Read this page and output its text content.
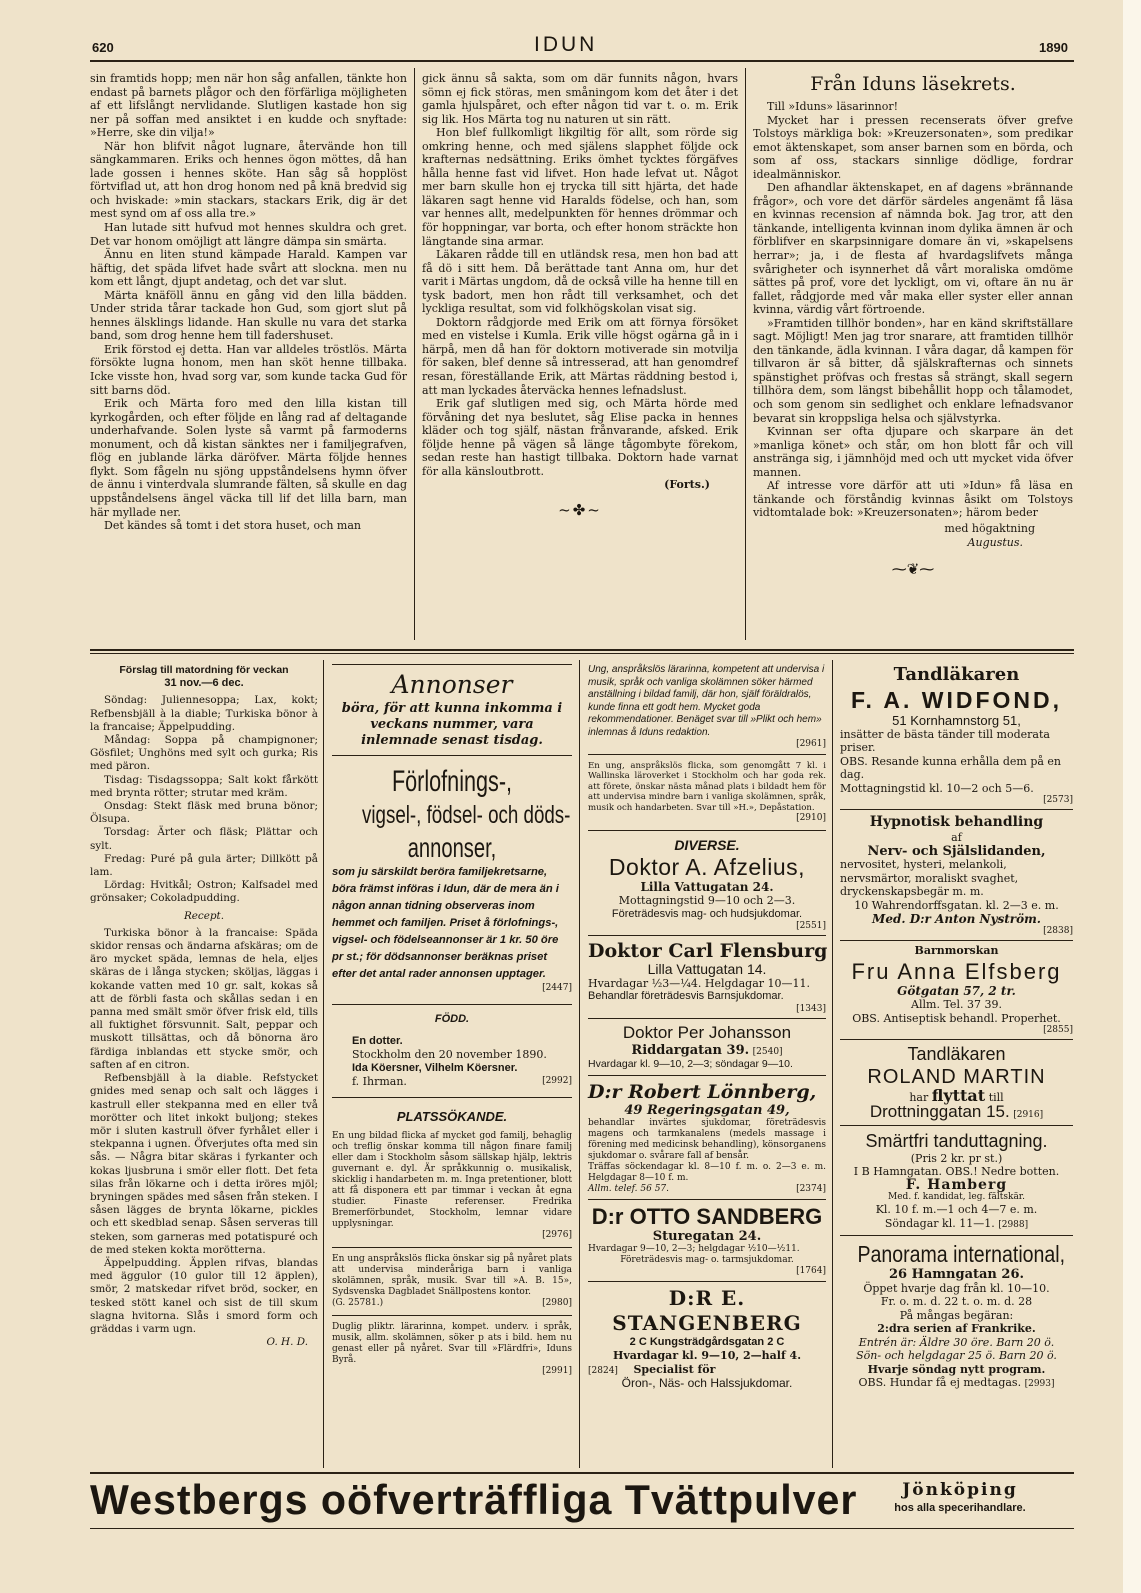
620	IDUN	1890

sin framtids hopp; men när hon såg anfallen, tänkte hon endast på barnets plågor och den förfärliga möjligheten af ett lifslångt nervlidande. Slutligen kastade hon sig ner på soffan med ansiktet i en kudde och snyftade: »Herre, ske din vilja!»

När hon blifvit något lugnare, återvände hon till sängkammaren. Eriks och hennes ögon möttes, då han lade gossen i hennes sköte. Han såg så hopplöst förtviflad ut, att hon drog honom ned på knä bredvid sig och hviskade: »min stackars, stackars Erik, dig är det mest synd om af oss alla tre.»

Han lutade sitt hufvud mot hennes skuldra och gret. Det var honom omöjligt att längre dämpa sin smärta.

Ännu en liten stund kämpade Harald. Kampen var häftig, det späda lifvet hade svårt att slockna. men nu kom ett långt, djupt andetag, och det var slut.

Märta knäföll ännu en gång vid den lilla bädden. Under strida tårar tackade hon Gud, som gjort slut på hennes älsklings lidande. Han skulle nu vara det starka band, som drog henne hem till fadershuset.

Erik förstod ej detta. Han var alldeles tröstlös. Märta försökte lugna honom, men han sköt henne tillbaka. Icke visste hon, hvad sorg var, som kunde tacka Gud för sitt barns död.

Erik och Märta foro med den lilla kistan till kyrkogården, och efter följde en lång rad af deltagande underhafvande. Solen lyste så varmt på farmoderns monument, och då kistan sänktes ner i familjegrafven, flög en jublande lärka däröfver. Märta följde hennes flykt. Som fågeln nu sjöng uppståndelsens hymn öfver de ännu i vinterdvala slumrande fälten, så skulle en dag uppståndelsens ängel väcka till lif det lilla barn, man här myllade ner.

Det kändes så tomt i det stora huset, och man

gick ännu så sakta, som om där funnits någon, hvars sömn ej fick störas, men småningom kom det åter i det gamla hjulspåret, och efter någon tid var t. o. m. Erik sig lik. Hos Märta tog nu naturen ut sin rätt.

Hon blef fullkomligt likgiltig för allt, som rörde sig omkring henne, och med själens slapphet följde ock krafternas nedsättning. Eriks ömhet tycktes förgäfves hålla henne fast vid lifvet. Hon hade lefvat ut. Något mer barn skulle hon ej trycka till sitt hjärta, det hade läkaren sagt henne vid Haralds födelse, och han, som var hennes allt, medelpunkten för hennes drömmar och för hoppningar, var borta, och efter honom sträckte hon längtande sina armar.

Läkaren rådde till en utländsk resa, men hon bad att få dö i sitt hem. Då berättade tant Anna om, hur det varit i Märtas ungdom, då de också ville ha henne till en tysk badort, men hon rådt till verksamhet, och det lyckliga resultat, som vid folkhögskolan visat sig.

Doktorn rådgjorde med Erik om att förnya försöket med en vistelse i Kumla. Erik ville högst ogärna gå in i härpå, men då han för doktorn motiverade sin motvilja för saken, blef denne så intresserad, att han genomdref resan, föreställande Erik, att Märtas räddning bestod i, att man lyckades återväcka hennes lefnadslust.

Erik gaf slutligen med sig, och Märta hörde med förvåning det nya beslutet, såg Elise packa in hennes kläder och tog själf, nästan frånvarande, afsked. Erik följde henne på vägen så länge tågombyte förekom, sedan reste han hastigt tillbaka. Doktorn hade varnat för alla känsloutbrott.

(Forts.)
~✤~
Från Iduns läsekrets.

Till »Iduns» läsarinnor!

Mycket har i pressen recenserats öfver grefve Tolstoys märkliga bok: »Kreuzersonaten», som predikar emot äktenskapet, som anser barnen som en börda, och som af oss, stackars sinnlige dödlige, fordrar idealmänniskor.

Den afhandlar äktenskapet, en af dagens »brännande frågor», och vore det därför särdeles angenämt få läsa en kvinnas recension af nämnda bok. Jag tror, att den tänkande, intelligenta kvinnan inom dylika ämnen är och förblifver en skarpsinnigare domare än vi, »skapelsens herrar»; ja, i de flesta af hvardagslifvets många svårigheter och isynnerhet då vårt moraliska omdöme sättes på prof, vore det lyckligt, om vi, oftare än nu är fallet, rådgjorde med vår maka eller syster eller annan kvinna, värdig vårt förtroende.

»Framtiden tillhör bonden», har en känd skriftställare sagt. Möjligt! Men jag tror snarare, att framtiden tillhör den tänkande, ädla kvinnan. I våra dagar, då kampen för tillvaron är så bitter, då själskrafternas och sinnets spänstighet pröfvas och frestas så strängt, skall segern tillhöra dem, som längst bibehållit hopp och tålamodet, och som genom sin sedlighet och enklare lefnadsvanor bevarat sin kroppsliga helsa och självstyrka.

Kvinnan ser ofta djupare och skarpare än det »manliga könet» och står, om hon blott får och vill anstränga sig, i jämnhöjd med och utt mycket vida öfver mannen.

Af intresse vore därför att uti »Idun» få läsa en tänkande och förståndig kvinnas åsikt om Tolstoys vidtomtalade bok: »Kreuzersonaten»; härom beder

med högaktning
Augustus.
⁓❦⁓
Förslag till matordning för veckan
31 nov.—6 dec.

Söndag: Juliennesoppa; Lax, kokt; Refbensbjäll à la diable; Turkiska bönor à la francaise; Äppelpudding.

Måndag: Soppa på champignoner; Gösfilet; Unghöns med sylt och gurka; Ris med päron.

Tisdag: Tisdagssoppa; Salt kokt fårkött med brynta rötter; strutar med kräm.

Onsdag: Stekt fläsk med bruna bönor; Ölsupa.

Torsdag: Ärter och fläsk; Plättar och sylt.

Fredag: Puré på gula ärter; Dillkött på lam.

Lördag: Hvitkål; Ostron; Kalfsadel med grönsaker; Cokoladpudding.

Recept.

Turkiska bönor à la francaise: Späda skidor rensas och ändarna afskäras; om de äro mycket späda, lemnas de hela, eljes skäras de i långa stycken; sköljas, läggas i kokande vatten med 10 gr. salt, kokas så att de förbli fasta och skållas sedan i en panna med smält smör öfver frisk eld, tills all fuktighet försvunnit. Salt, peppar och muskott tillsättas, och då bönorna äro färdiga inblandas ett stycke smör, och saften af en citron.

Refbensbjäll à la diable. Refstycket gnides med senap och salt och lägges i kastrull eller stekpanna med en eller två morötter och litet inkokt buljong; stekes mör i sluten kastrull öfver fyrhålet eller i stekpanna i ugnen. Öfverjutes ofta med sin sås. — Några bitar skäras i fyrkanter och kokas ljusbruna i smör eller flott. Det feta silas från lökarne och i detta iröres mjöl; bryningen spädes med såsen från steken. I såsen lägges de brynta lökarne, pickles och ett skedblad senap. Såsen serveras till steken, som garneras med potatispuré och de med steken kokta morötterna.

Äppelpudding. Äpplen rifvas, blandas med äggulor (10 gulor till 12 äpplen), smör, 2 matskedar rifvet bröd, socker, en tesked stött kanel och sist de till skum slagna hvitorna. Slås i smord form och gräddas i varm ugn.

O. H. D.
Annonser
böra, för att kunna inkomma i veckans nummer, vara inlemnade senast tisdag.
Förlofnings-,
vigsel-, födsel- och döds-
annonser,

som ju särskildt beröra familjekretsarne, böra främst införas i Idun, där de mera än i någon annan tidning observeras inom hemmet och familjen. Priset å förlofnings-, vigsel- och födelseannonser är 1 kr. 50 öre pr st.; för dödsannonser beräknas priset efter det antal rader annonsen upptager.

[2447]
FÖDD.
En dotter.
Stockholm den 20 november 1890.
Ida Köersner, Vilhelm Köersner.
f. Ihrman.	[2992]
PLATSSÖKANDE.

En ung bildad flicka af mycket god familj, behaglig och treflig önskar komma till någon finare familj eller dam i Stockholm såsom sällskap hjälp, lektris guvernant e. dyl. Är språkkunnig o. musikalisk, skicklig i handarbeten m. m. Inga pretentioner, blott att få disponera ett par timmar i veckan åt egna studier. Finaste referenser. Fredrika Bremerförbundet, Stockholm, lemnar vidare upplysningar.

[2976]

En ung anspråkslös flicka önskar sig på nyåret plats att undervisa minderåriga barn i vanliga skolämnen, språk, musik. Svar till »A. B. 15», Sydsvenska Dagbladet Snällpostens kontor.

(G. 25781.)	[2980]

Duglig pliktr. lärarinna, kompet. underv. i språk, musik, allm. skolämnen, söker p ats i bild. hem nu genast eller på nyåret. Svar till »Flärdfri», Iduns Byrå.

[2991]

Ung, anspråkslös lärarinna, kompetent att undervisa i musik, språk och vanliga skolämnen söker härmed anställning i bildad familj, där hon, själf föräldralös, kunde finna ett godt hem. Mycket goda rekommendationer. Benäget svar till »Plikt och hem» inlemnas å Iduns redaktion.

[2961]

En ung, anspråkslös flicka, som genomgått 7 kl. i Wallinska läroverket i Stockholm och har goda rek. att förete, önskar nästa månad plats i bildadt hem för att undervisa mindre barn i vanliga skolämnen, språk, musik och handarbeten. Svar till »H.», Depåstation.

[2910]
DIVERSE.
Doktor A. Afzelius,
Lilla Vattugatan 24.
Mottagningstid 9—10 och 2—3.
Företrädesvis mag- och hudsjukdomar.
[2551]
Doktor Carl Flensburg
Lilla Vattugatan 14.
Hvardagar ½3—¼4. Helgdagar 10—11.
Behandlar företrädesvis Barnsjukdomar.
[1343]
Doktor Per Johansson
Riddargatan 39. [2540]
Hvardagar kl. 9—10, 2—3; söndagar 9—10.
D:r Robert Lönnberg,
49 Regeringsgatan 49,

behandlar invärtes sjukdomar, företrädesvis magens och tarmkanalens (medels massage i förening med medicinsk behandling), könsorganens sjukdomar o. svårare fall af bensår.

Träffas söckendagar kl. 8—10 f. m. o. 2—3 e. m. Helgdagar 8—10 f. m.

Allm. telef. 56 57.	[2374]
D:r OTTO SANDBERG
Sturegatan 24.
Hvardagar 9—10, 2—3; helgdagar ½10—½11.
Företrädesvis mag- o. tarmsjukdomar.
[1764]
D:R E. STANGENBERG
2 C Kungsträdgårdsgatan 2 C
Hvardagar kl. 9—10, 2—half 4.
[2824] Specialist för
Öron-, Näs- och Halssjukdomar.
Tandläkaren
F. A. WIDFOND,
51 Kornhamnstorg 51,
insätter de bästa tänder till moderata priser.
OBS. Resande kunna erhålla dem på en dag.
Mottagningstid kl. 10—2 och 5—6.
[2573]
Hypnotisk behandling
af
Nerv- och Själslidanden,
nervositet, hysteri, melankoli, nervsmärtor, moraliskt svaghet, dryckenskapsbegär m. m.
10 Wahrendorffsgatan. kl. 2—3 e. m.
Med. D:r Anton Nyström.
[2838]
Barnmorskan
Fru Anna Elfsberg
Götgatan 57, 2 tr.
Allm. Tel. 37 39.
OBS. Antiseptisk behandl. Properhet.
[2855]
Tandläkaren
ROLAND MARTIN
har flyttat till
Drottninggatan 15. [2916]
Smärtfri tanduttagning.
(Pris 2 kr. pr st.)
I B Hamngatan. OBS.! Nedre botten.
F. Hamberg
Med. f. kandidat, leg. fältskär.
Kl. 10 f. m.—1 och 4—7 e. m.
Söndagar kl. 11—1. [2988]
Panorama international,
26 Hamngatan 26.
Öppet hvarje dag från kl. 10—10.
Fr. o. m. d. 22 t. o. m. d. 28
På mångas begäran:
2:dra serien af Frankrike.
Entrén är: Äldre 30 öre. Barn 20 ö.
Sön- och helgdagar 25 ö. Barn 20 ö.
Hvarje söndag nytt program.
OBS. Hundar få ej medtagas. [2993]
Westbergs oöfverträffliga Tvättpulver	Jönköping
hos alla specerihandlare.
